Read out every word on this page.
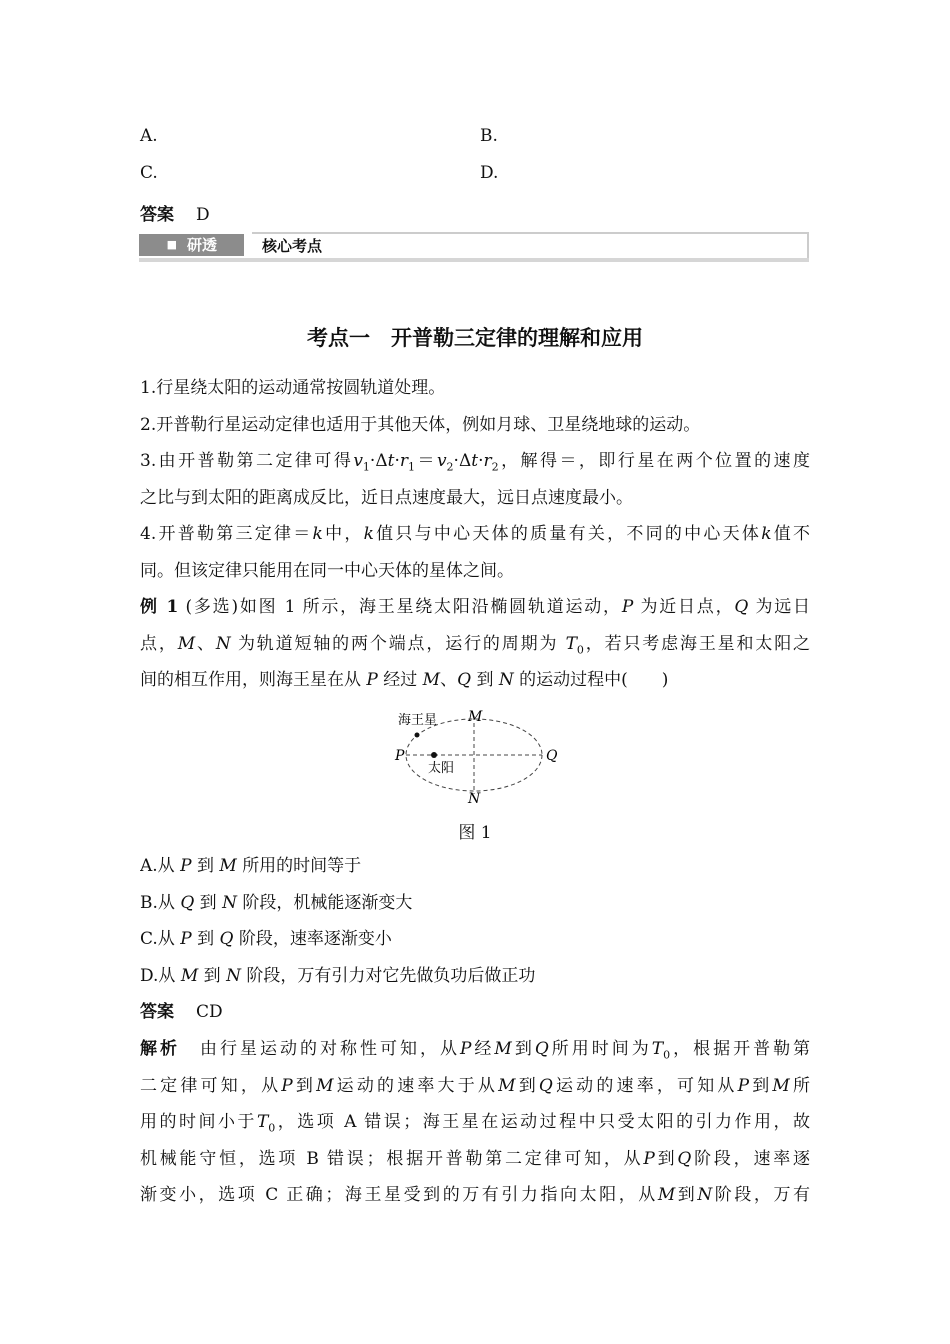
A.	B.
C.	D.
答案 D
■ 研透	核心考点
考点一　开普勒三定律的理解和应用
1.行星绕太阳的运动通常按圆轨道处理。
2.开普勒行星运动定律也适用于其他天体，例如月球、卫星绕地球的运动。
3.由开普勒第二定律可得$v_1\cdot\Delta t\cdot r_1=v_2\cdot\Delta t\cdot r_2$，解得＝，即行星在两个位置的速度
之比与到太阳的距离成反比，近日点速度最大，远日点速度最小。
4.开普勒第三定律＝k中，k值只与中心天体的质量有关，不同的中心天体k值不
同。但该定律只能用在同一中心天体的星体之间。
例 1 (多选)如图 1 所示，海王星绕太阳沿椭圆轨道运动，P 为近日点，Q 为远日
点，M、N 为轨道短轴的两个端点，运行的周期为 $T_0$，若只考虑海王星和太阳之
间的相互作用，则海王星在从 P 经过 M、Q 到 N 的运动过程中(　　)
海王星
太阳
P	Q
M
N
图 1
A.从 P 到 M 所用的时间等于
B.从 Q 到 N 阶段，机械能逐渐变大
C.从 P 到 Q 阶段，速率逐渐变小
D.从 M 到 N 阶段，万有引力对它先做负功后做正功
答案 CD
解析　 由行星运动的对称性可知，从P经M到Q所用时间为$T_0$，根据开普勒第
二定律可知，从P到M运动的速率大于从M到Q运动的速率，可知从P到M所
用的时间小于$T_0$，选项 A 错误；海王星在运动过程中只受太阳的引力作用，故
机械能守恒，选项 B 错误；根据开普勒第二定律可知，从P到Q阶段，速率逐
渐变小，选项 C 正确；海王星受到的万有引力指向太阳，从M到N阶段，万有
